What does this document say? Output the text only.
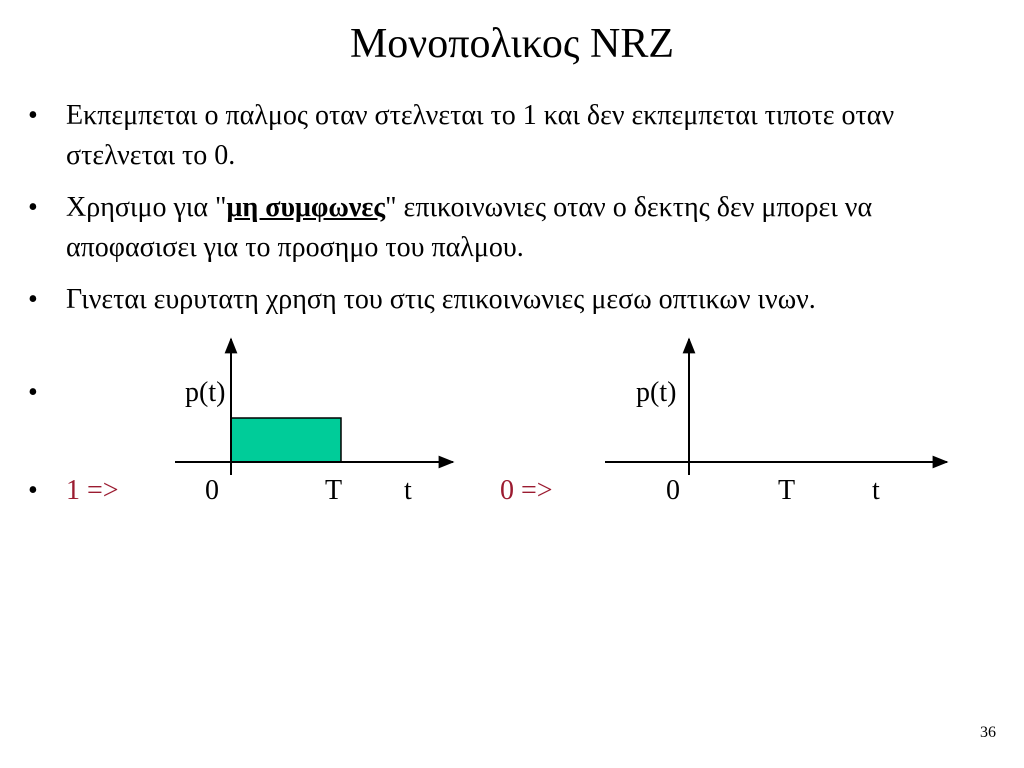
Μονοπολικος NRZ
• Εκπεμπεται ο παλμος οταν στελνεται το 1 και δεν εκπεμπεται τιποτε οταν στελνεται το 0.
• Χρησιμο για "μη συμφωνες" επικοινωνιες οταν ο δεκτης δεν μπορει να αποφασισει για το προσημο του παλμου.
• Γινεται ευρυτατη χρηση του στις επικοινωνιες μεσω οπτικων ινων.
•
•
p(t)
1 =>	0	T t
p(t)
0 =>	0	T	t
36
